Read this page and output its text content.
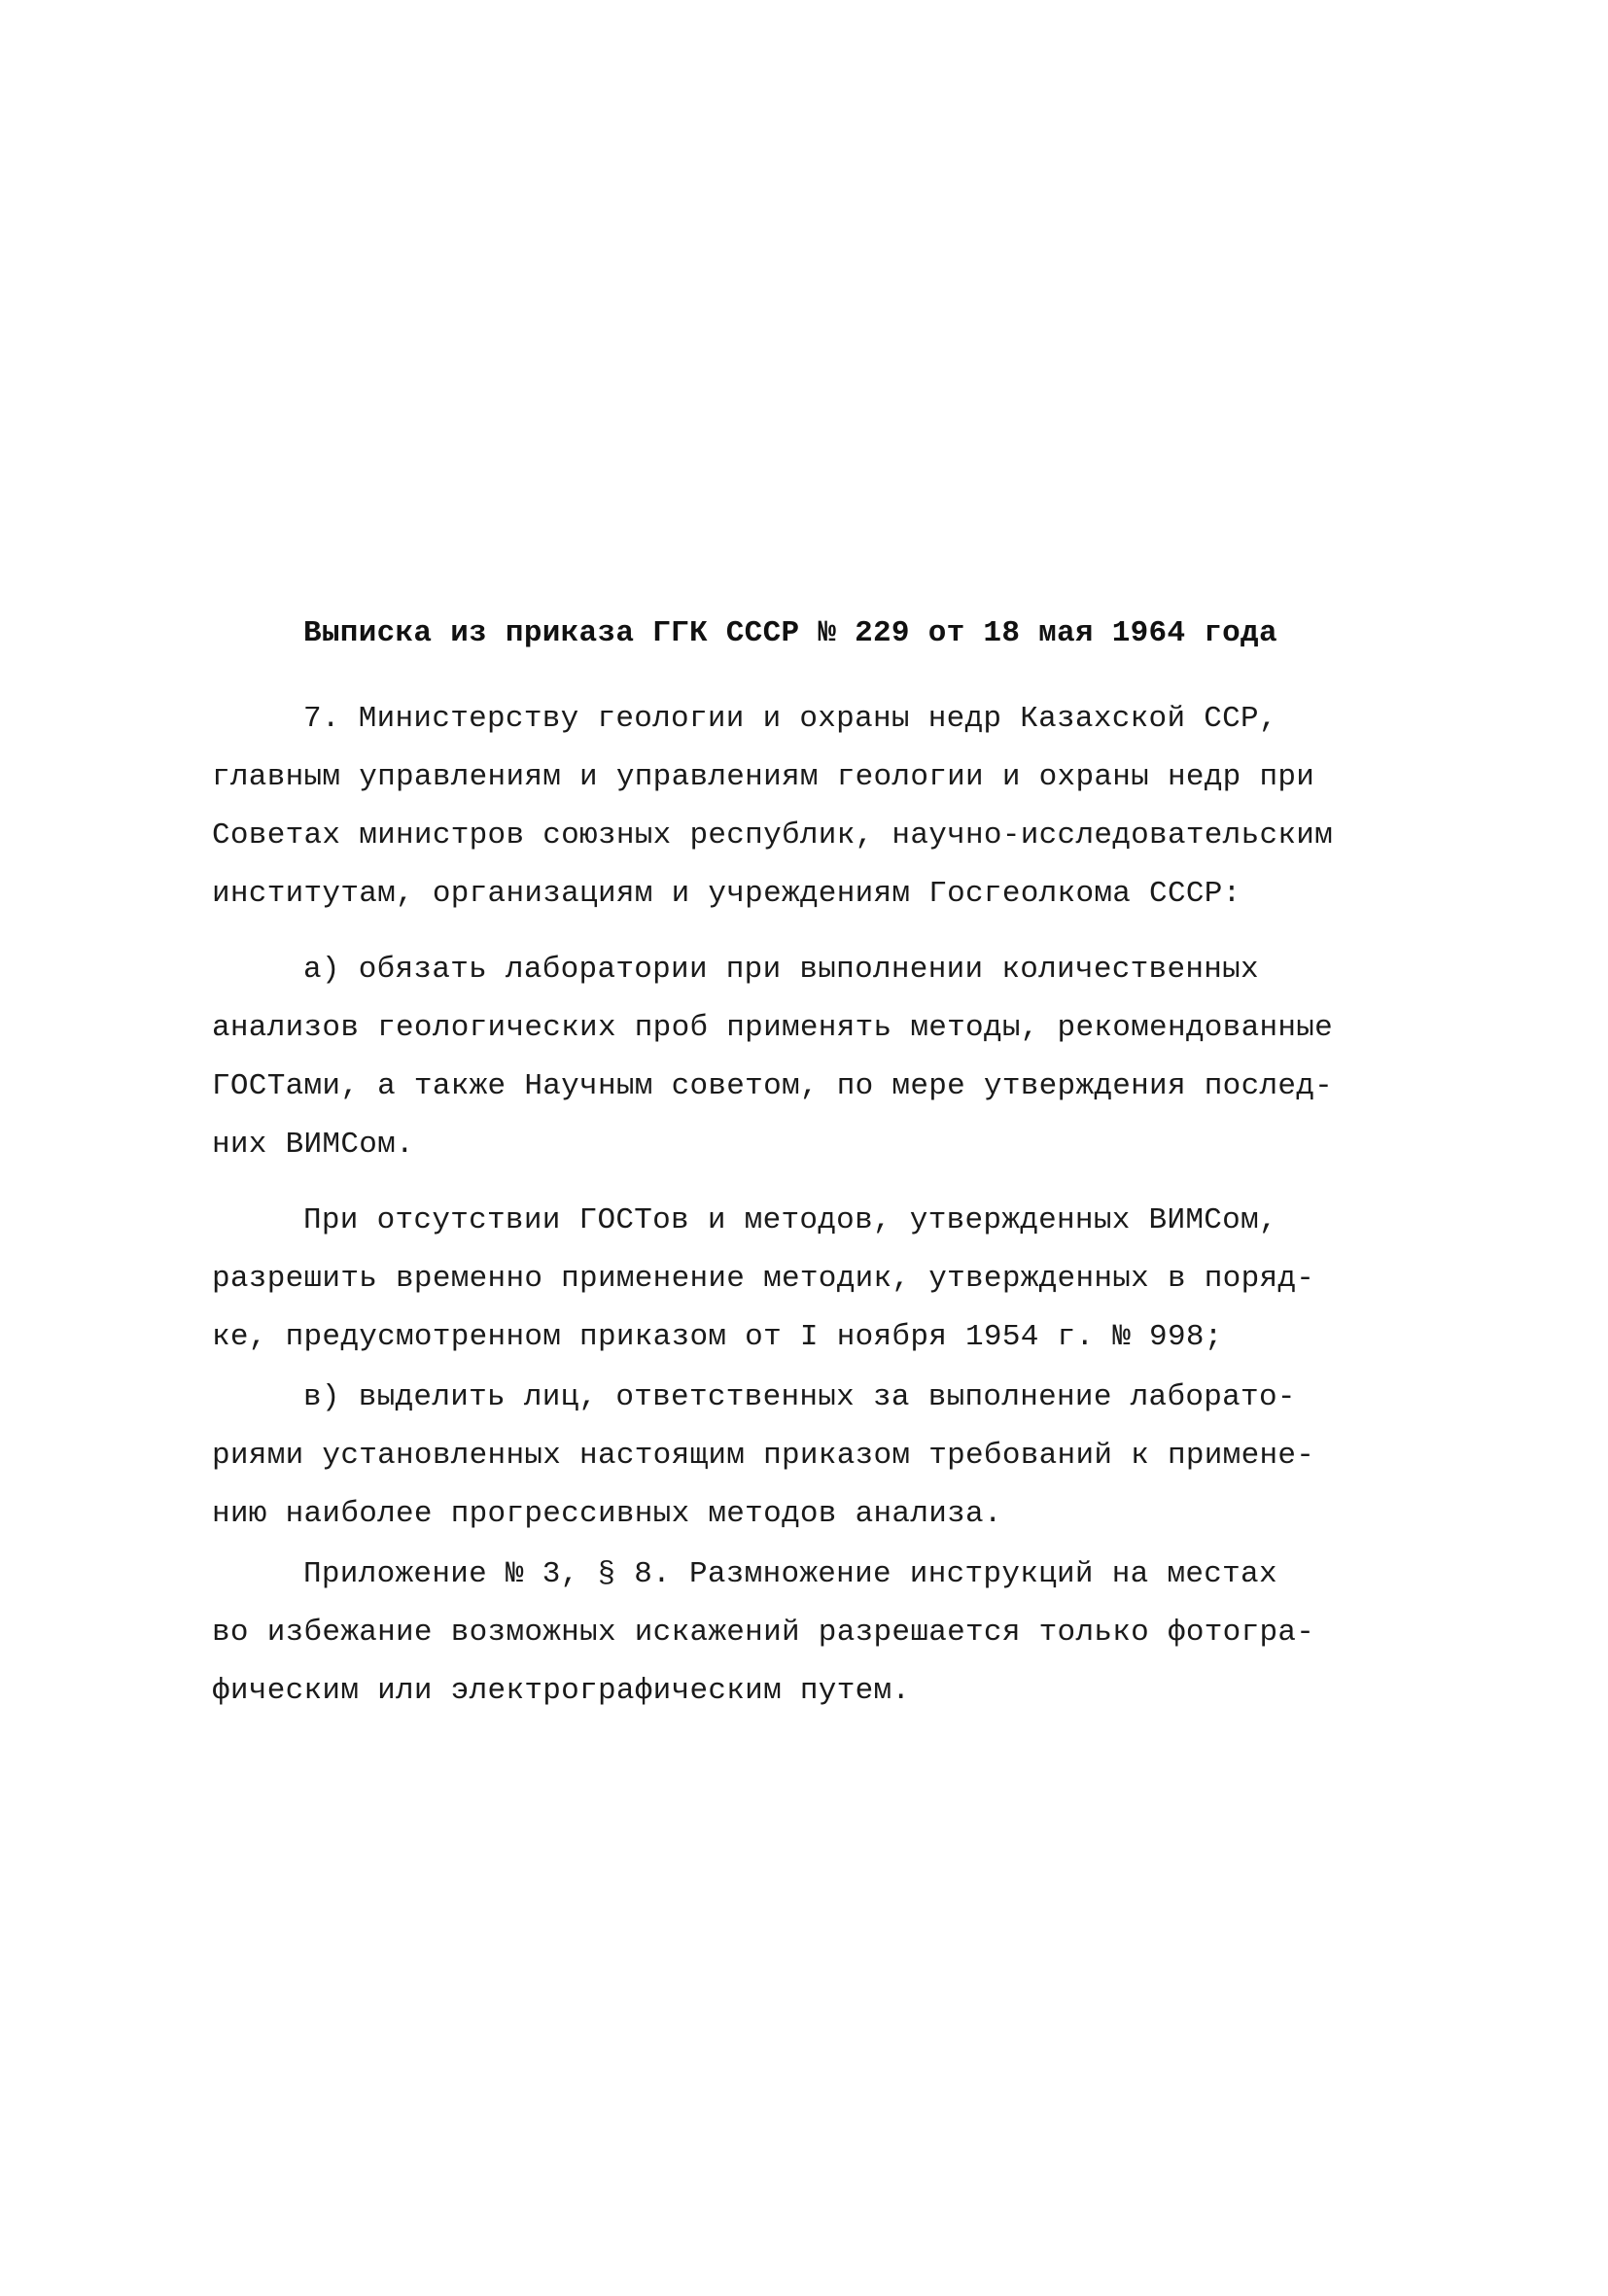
Выписка из приказа ГГК СССР № 229 от 18 мая 1964 года
7. Министерству геологии и охраны недр Казахской ССР,
главным управлениям и управлениям геологии и охраны недр при
Советах министров союзных республик, научно-исследовательским
институтам, организациям и учреждениям Госгеолкома СССР:
а) обязать лаборатории при выполнении количественных
анализов геологических проб применять методы, рекомендованные
ГОСТами, а также Научным советом, по мере утверждения послед-
них ВИМСом.
При отсутствии ГОСТов и методов, утвержденных ВИМСом,
разрешить временно применение методик, утвержденных в поряд-
ке, предусмотренном приказом от I ноября 1954 г. № 998;
в) выделить лиц, ответственных за выполнение лаборато-
риями установленных настоящим приказом требований к примене-
нию наиболее прогрессивных методов анализа.
Приложение № 3, § 8. Размножение инструкций на местах
во избежание возможных искажений разрешается только фотогра-
фическим или электрографическим путем.
